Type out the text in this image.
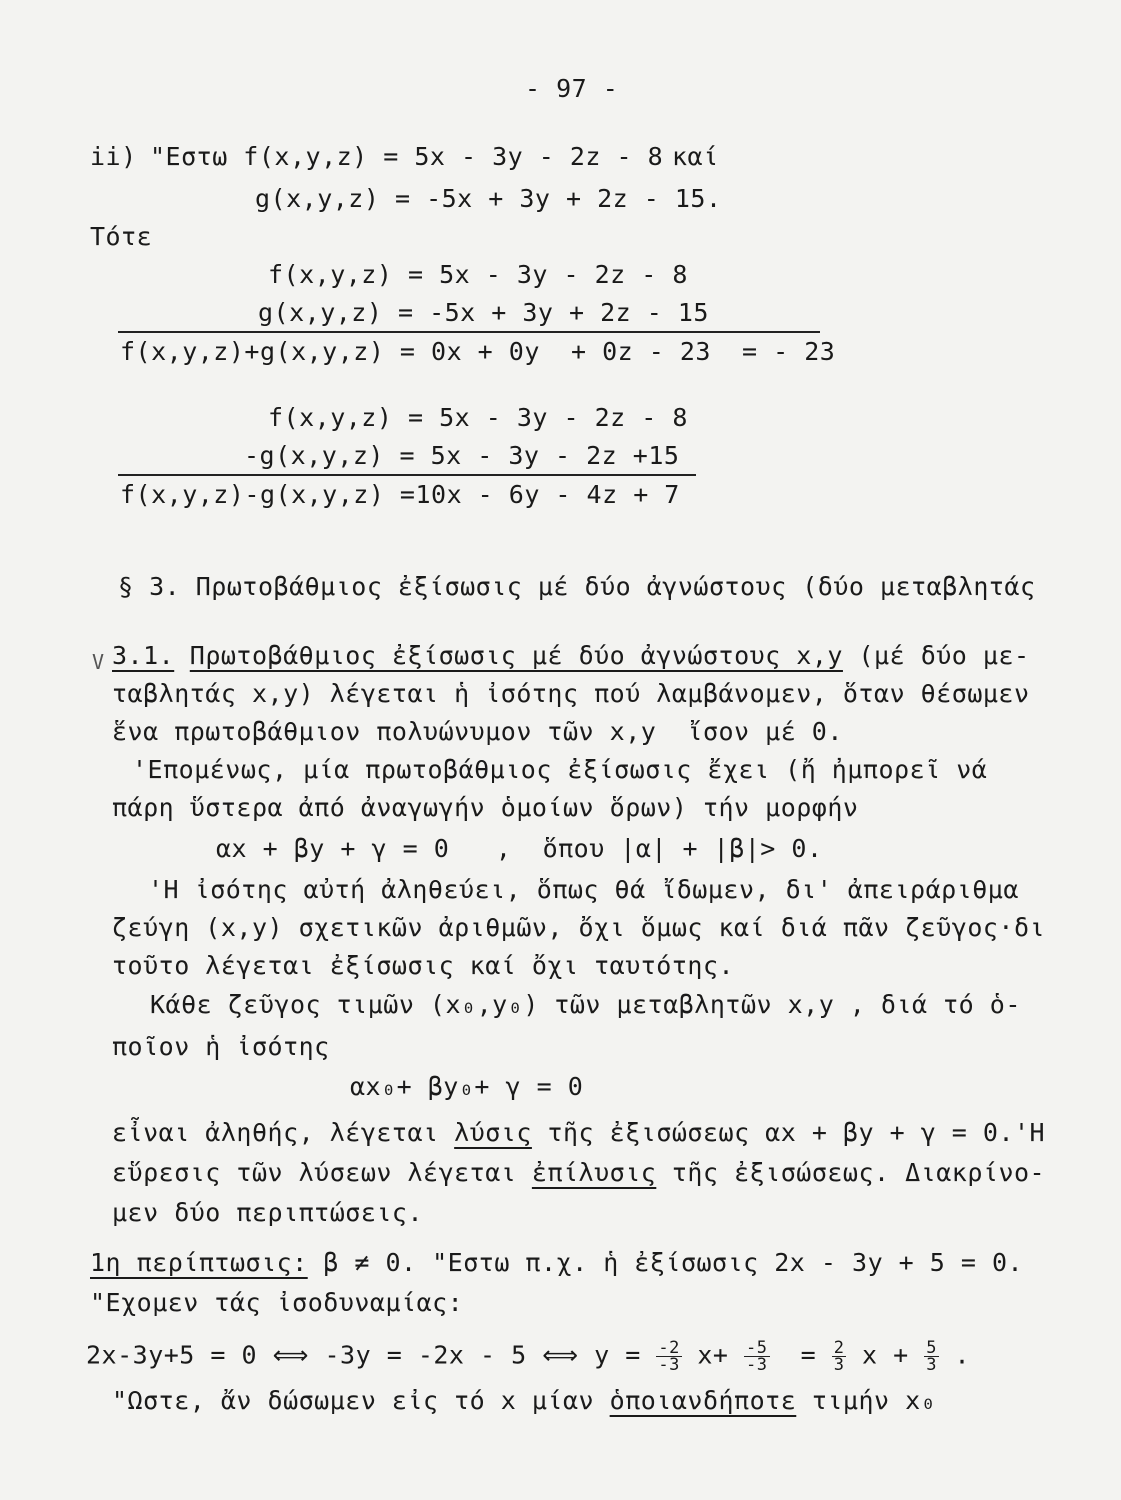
- 97 -
ii) "Εστω f(x,y,z) = 5x - 3y - 2z - 8 καί
g(x,y,z) = -5x + 3y + 2z - 15.
Τότε
f(x,y,z) = 5x - 3y - 2z - 8
g(x,y,z) = -5x + 3y + 2z - 15
f(x,y,z)+g(x,y,z) = 0x + 0y  + 0z - 23  = - 23
f(x,y,z) = 5x - 3y - 2z - 8
-g(x,y,z) = 5x - 3y - 2z +15
f(x,y,z)-g(x,y,z) =10x - 6y - 4z + 7
§ 3. Πρωτοβάθμιος ἐξίσωσις μέ δύο ἀγνώστους (δύο μεταβλητάς
V 3.1. Πρωτοβάθμιος ἐξίσωσις μέ δύο ἀγνώστους x,y (μέ δύο με-
ταβλητάς x,y) λέγεται ἡ ἰσότης πού λαμβάνομεν, ὅταν θέσωμεν
ἕνα πρωτοβάθμιον πολυώνυμον τῶν x,y  ἴσον μέ 0.
'Επομένως, μία πρωτοβάθμιος ἐξίσωσις ἔχει (ἤ ἠμπορεῖ νά
πάρη ὕστερα ἀπό ἀναγωγήν ὁμοίων ὅρων) τήν μορφήν
αx + βy + γ = 0   ,  ὅπου |α| + |β|> 0.
'Η ἰσότης αὐτή ἀληθεύει, ὅπως θά ἴδωμεν, δι' ἀπειράριθμα
ζεύγη (x,y) σχετικῶν ἀριθμῶν, ὄχι ὅμως καί διά πᾶν ζεῦγος·δι
τοῦτο λέγεται ἐξίσωσις καί ὄχι ταυτότης.
Κάθε ζεῦγος τιμῶν (x₀,y₀) τῶν μεταβλητῶν x,y , διά τό ὁ-
ποῖον ἡ ἰσότης
αx₀+ βy₀+ γ = 0
εἶναι ἀληθής, λέγεται λύσις τῆς ἐξισώσεως αx + βy + γ = 0.'Η
εὕρεσις τῶν λύσεων λέγεται ἐπίλυσις τῆς ἐξισώσεως. Διακρίνο-
μεν δύο περιπτώσεις.
1η περίπτωσις: β ≠ 0. "Εστω π.χ. ἡ ἐξίσωσις 2x - 3y + 5 = 0.
"Εχομεν τάς ἰσοδυναμίας:
2x-3y+5 = 0 ⟺ -3y = -2x - 5 ⟺ $y = \frac{-2}{-3} x+ \frac{-5}{-3} = \frac{2}{3}$ $x + \frac{5}{3}$ .
"Ωστε, ἄν δώσωμεν εἰς τό x μίαν ὁποιανδήποτε τιμήν x₀
